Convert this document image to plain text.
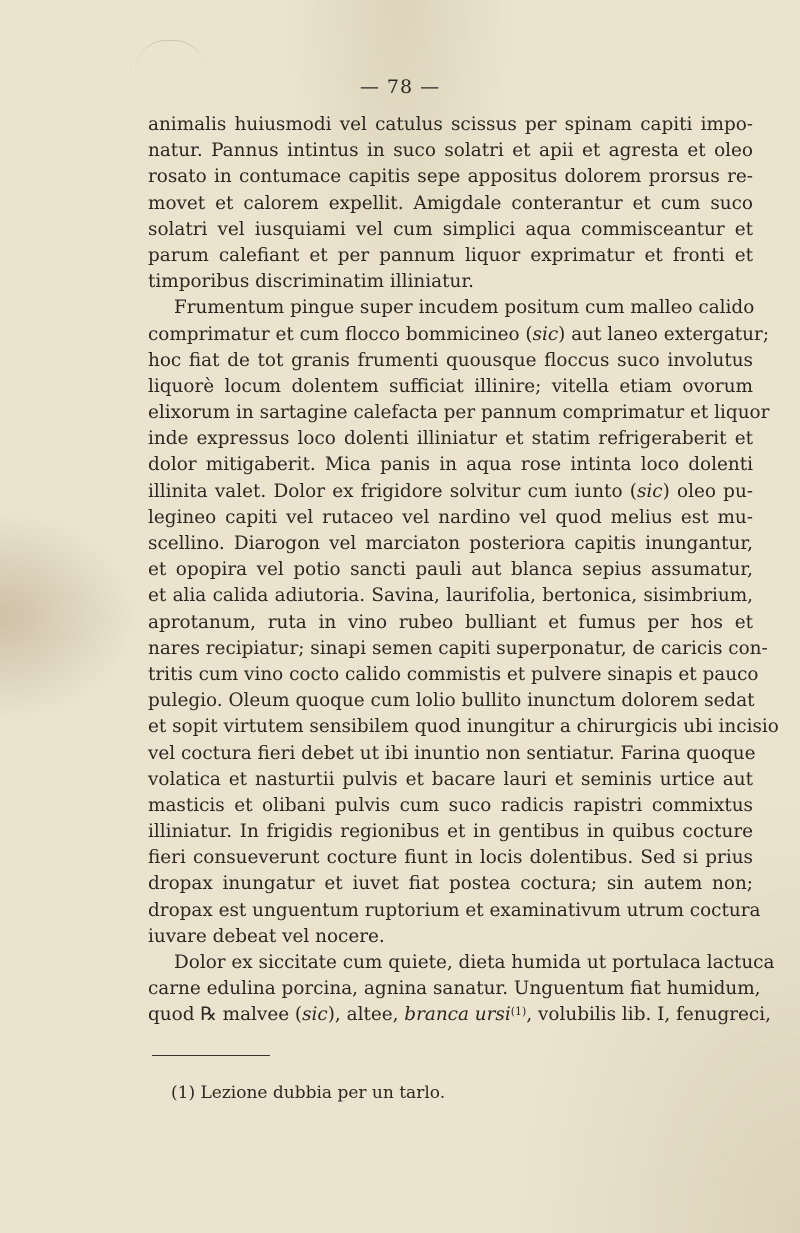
— 78 —
animalis huiusmodi vel catulus scissus per spinam capiti impo-
natur. Pannus intintus in suco solatri et apii et agresta et oleo
rosato in contumace capitis sepe appositus dolorem prorsus re-
movet et calorem expellit. Amigdale conterantur et cum suco
solatri vel iusquiami vel cum simplici aqua commisceantur et
parum calefiant et per pannum liquor exprimatur et fronti et
timporibus discriminatim illiniatur.
Frumentum pingue super incudem positum cum malleo calido
comprimatur et cum flocco bommicineo (sic) aut laneo extergatur;
hoc fiat de tot granis frumenti quousque floccus suco involutus
liquorè locum dolentem sufficiat illinire; vitella etiam ovorum
elixorum in sartagine calefacta per pannum comprimatur et liquor
inde expressus loco dolenti illiniatur et statim refrigeraberit et
dolor mitigaberit. Mica panis in aqua rose intinta loco dolenti
illinita valet. Dolor ex frigidore solvitur cum iunto (sic) oleo pu-
legineo capiti vel rutaceo vel nardino vel quod melius est mu-
scellino. Diarogon vel marciaton posteriora capitis inungantur,
et opopira vel potio sancti pauli aut blanca sepius assumatur,
et alia calida adiutoria. Savina, laurifolia, bertonica, sisimbrium,
aprotanum, ruta in vino rubeo bulliant et fumus per hos et
nares recipiatur; sinapi semen capiti superponatur, de caricis con-
tritis cum vino cocto calido commistis et pulvere sinapis et pauco
pulegio. Oleum quoque cum lolio bullito inunctum dolorem sedat
et sopit virtutem sensibilem quod inungitur a chirurgicis ubi incisio
vel coctura fieri debet ut ibi inuntio non sentiatur. Farina quoque
volatica et nasturtii pulvis et bacare lauri et seminis urtice aut
masticis et olibani pulvis cum suco radicis rapistri commixtus
illiniatur. In frigidis regionibus et in gentibus in quibus cocture
fieri consueverunt cocture fiunt in locis dolentibus. Sed si prius
dropax inungatur et iuvet fiat postea coctura; sin autem non;
dropax est unguentum ruptorium et examinativum utrum coctura
iuvare debeat vel nocere.
Dolor ex siccitate cum quiete, dieta humida ut portulaca lactuca
carne edulina porcina, agnina sanatur. Unguentum fiat humidum,
quod ℞ malvee (sic), altee, branca ursi$^{(1)}$, volubilis lib. I, fenugreci,
(1) Lezione dubbia per un tarlo.
